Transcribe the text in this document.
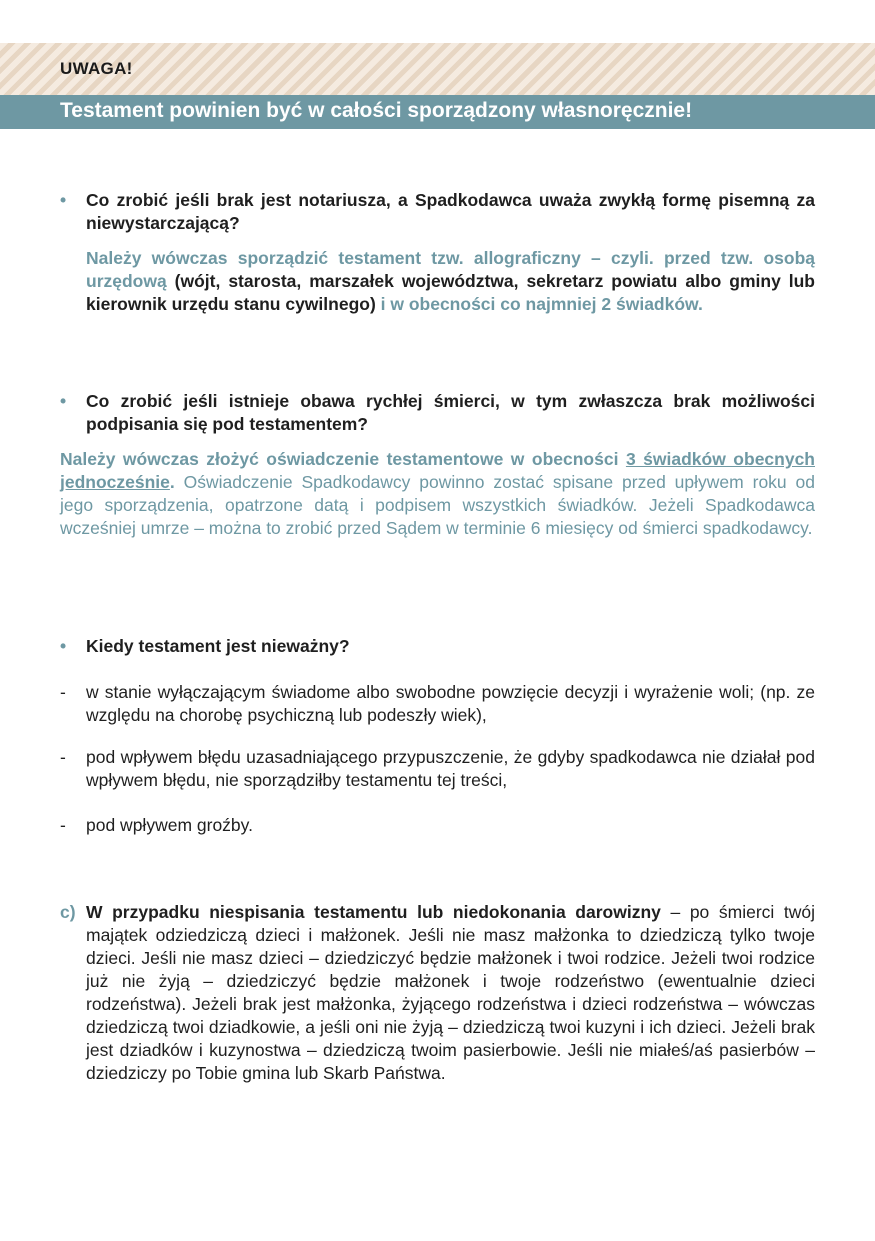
UWAGA!
Testament powinien być w całości sporządzony własnoręcznie!
• Co zrobić jeśli brak jest notariusza, a Spadkodawca uważa zwykłą formę pisemną za niewystarczającą?
Należy wówczas sporządzić testament tzw. allograficzny – czyli. przed tzw. osobą urzędową (wójt, starosta, marszałek województwa, sekretarz powiatu albo gminy lub kierownik urzędu stanu cywilnego) i w obecności co najmniej 2 świadków.
• Co zrobić jeśli istnieje obawa rychłej śmierci, w tym zwłaszcza brak możliwości podpisania się pod testamentem?
Należy wówczas złożyć oświadczenie testamentowe w obecności 3 świadków obecnych jednocześnie. Oświadczenie Spadkodawcy powinno zostać spisane przed upływem roku od jego sporządzenia, opatrzone datą i podpisem wszystkich świadków. Jeżeli Spadkodawca wcześniej umrze – można to zrobić przed Sądem w terminie 6 miesięcy od śmierci spadkodawcy.
• Kiedy testament jest nieważny?
- w stanie wyłączającym świadome albo swobodne powzięcie decyzji i wyrażenie woli; (np. ze względu na chorobę psychiczną lub podeszły wiek),
- pod wpływem błędu uzasadniającego przypuszczenie, że gdyby spadkodawca nie działał pod wpływem błędu, nie sporządziłby testamentu tej treści,
- pod wpływem groźby.
c) W przypadku niespisania testamentu lub niedokonania darowizny – po śmierci twój majątek odziedziczą dzieci i małżonek. Jeśli nie masz małżonka to dziedziczą tylko twoje dzieci. Jeśli nie masz dzieci – dziedziczyć będzie małżonek i twoi rodzice. Jeżeli twoi rodzice już nie żyją – dziedziczyć będzie małżonek i twoje rodzeństwo (ewentualnie dzieci rodzeństwa). Jeżeli brak jest małżonka, żyjącego rodzeństwa i dzieci rodzeństwa – wówczas dziedziczą twoi dziadkowie, a jeśli oni nie żyją – dziedziczą twoi kuzyni i ich dzieci. Jeżeli brak jest dziadków i kuzynostwa – dziedziczą twoim pasierbowie. Jeśli nie miałeś/aś pasierbów – dziedziczy po Tobie gmina lub Skarb Państwa.
